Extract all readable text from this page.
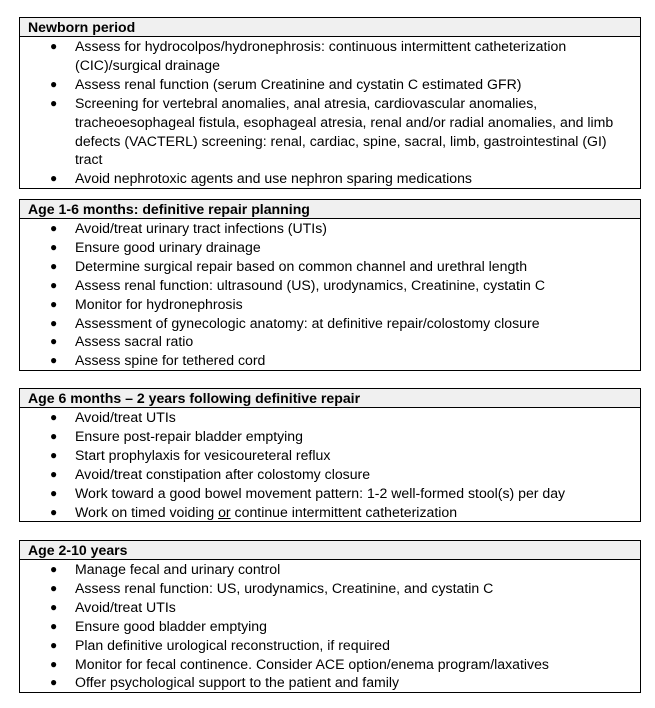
Newborn period
● Assess for hydrocolpos/hydronephrosis: continuous intermittent catheterization (CIC)/surgical drainage
● Assess renal function (serum Creatinine and cystatin C estimated GFR)
● Screening for vertebral anomalies, anal atresia, cardiovascular anomalies, tracheoesophageal fistula, esophageal atresia, renal and/or radial anomalies, and limb defects (VACTERL) screening: renal, cardiac, spine, sacral, limb, gastrointestinal (GI) tract
● Avoid nephrotoxic agents and use nephron sparing medications
Age 1-6 months: definitive repair planning
● Avoid/treat urinary tract infections (UTIs)
● Ensure good urinary drainage
● Determine surgical repair based on common channel and urethral length
● Assess renal function: ultrasound (US), urodynamics, Creatinine, cystatin C
● Monitor for hydronephrosis
● Assessment of gynecologic anatomy: at definitive repair/colostomy closure
● Assess sacral ratio
● Assess spine for tethered cord
Age 6 months – 2 years following definitive repair
● Avoid/treat UTIs
● Ensure post-repair bladder emptying
● Start prophylaxis for vesicoureteral reflux
● Avoid/treat constipation after colostomy closure
● Work toward a good bowel movement pattern: 1-2 well-formed stool(s) per day
● Work on timed voiding or continue intermittent catheterization
Age 2-10 years
● Manage fecal and urinary control
● Assess renal function: US, urodynamics, Creatinine, and cystatin C
● Avoid/treat UTIs
● Ensure good bladder emptying
● Plan definitive urological reconstruction, if required
● Monitor for fecal continence. Consider ACE option/enema program/laxatives
● Offer psychological support to the patient and family
